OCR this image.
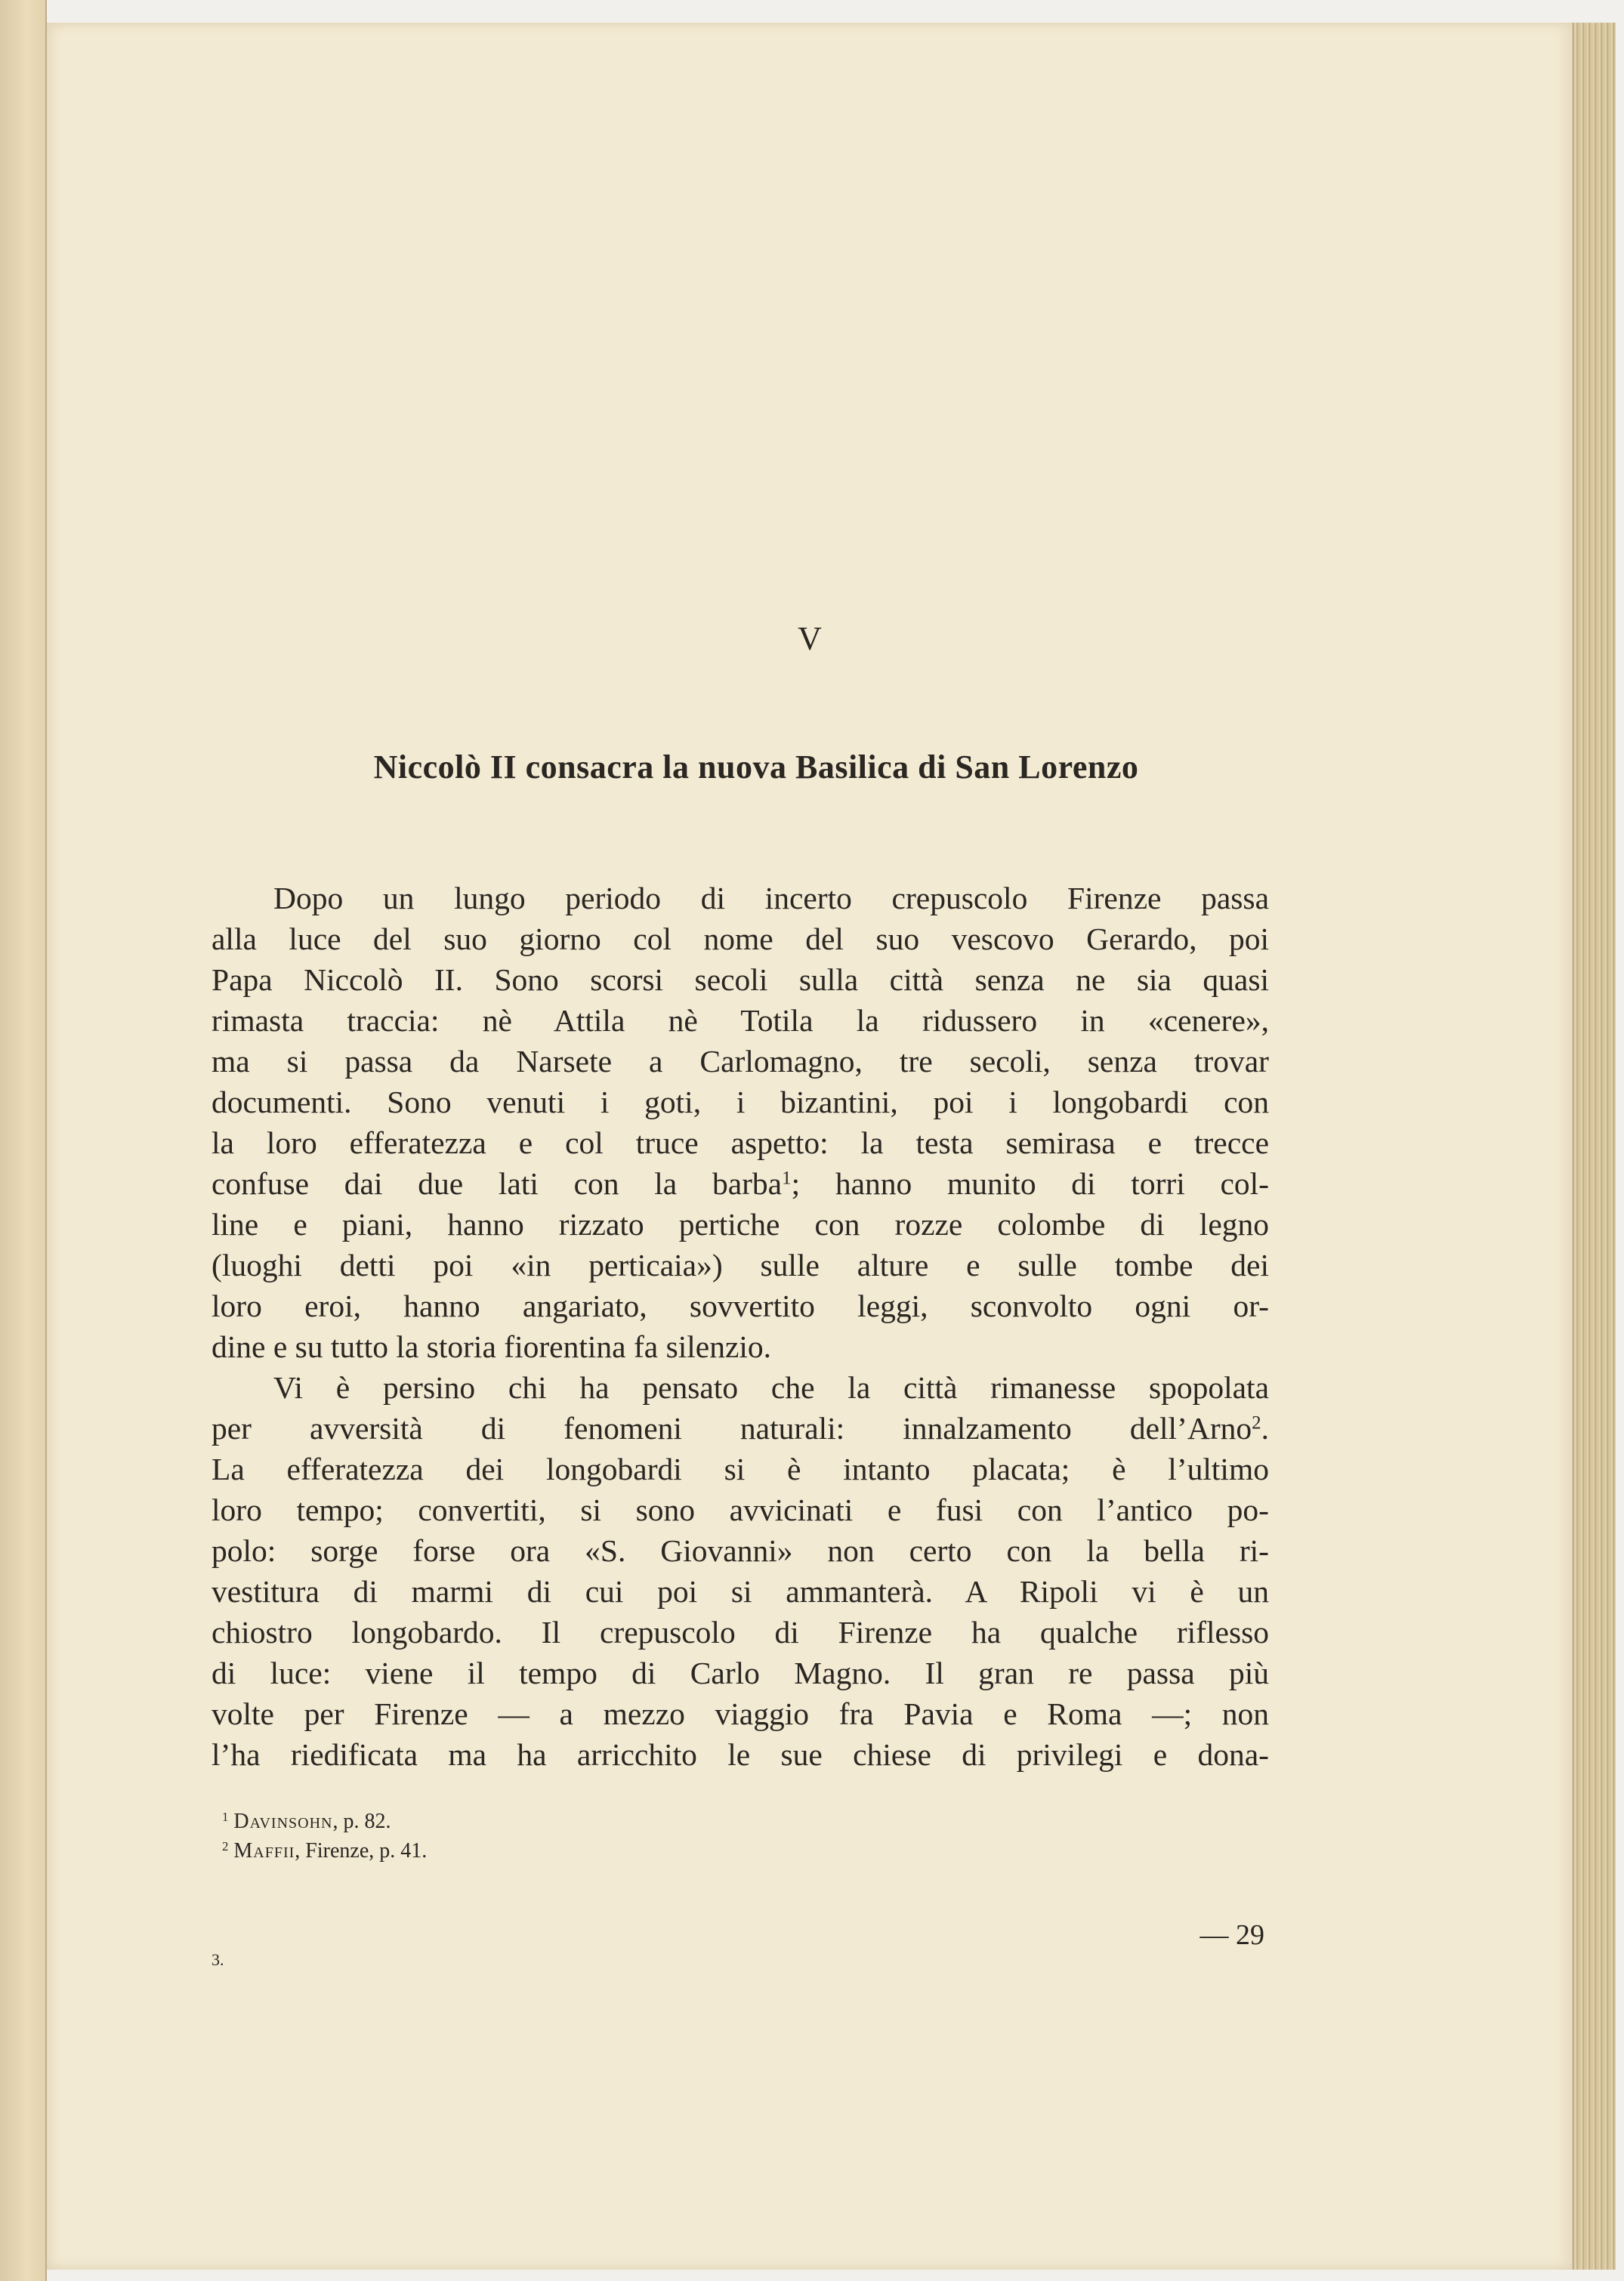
V
Niccolò II consacra la nuova Basilica di San Lorenzo
Dopo un lungo periodo di incerto crepuscolo Firenze passa
alla luce del suo giorno col nome del suo vescovo Gerardo, poi
Papa Niccolò II. Sono scorsi secoli sulla città senza ne sia quasi
rimasta traccia: nè Attila nè Totila la ridussero in «cenere»,
ma si passa da Narsete a Carlomagno, tre secoli, senza trovar
documenti. Sono venuti i goti, i bizantini, poi i longobardi con
la loro efferatezza e col truce aspetto: la testa semirasa e trecce
confuse dai due lati con la barba$^1$; hanno munito di torri col-
line e piani, hanno rizzato pertiche con rozze colombe di legno
(luoghi detti poi «in perticaia») sulle alture e sulle tombe dei
loro eroi, hanno angariato, sovvertito leggi, sconvolto ogni or-
dine e su tutto la storia fiorentina fa silenzio.
Vi è persino chi ha pensato che la città rimanesse spopolata
per avversità di fenomeni naturali: innalzamento dell’Arno$^2$.
La efferatezza dei longobardi si è intanto placata; è l’ultimo
loro tempo; convertiti, si sono avvicinati e fusi con l’antico po-
polo: sorge forse ora «S. Giovanni» non certo con la bella ri-
vestitura di marmi di cui poi si ammanterà. A Ripoli vi è un
chiostro longobardo. Il crepuscolo di Firenze ha qualche riflesso
di luce: viene il tempo di Carlo Magno. Il gran re passa più
volte per Firenze — a mezzo viaggio fra Pavia e Roma —; non
l’ha riedificata ma ha arricchito le sue chiese di privilegi e dona-
$^1$ Davinsohn, p. 82.
$^2$ Maffii, Firenze, p. 41.
— 29
3.
